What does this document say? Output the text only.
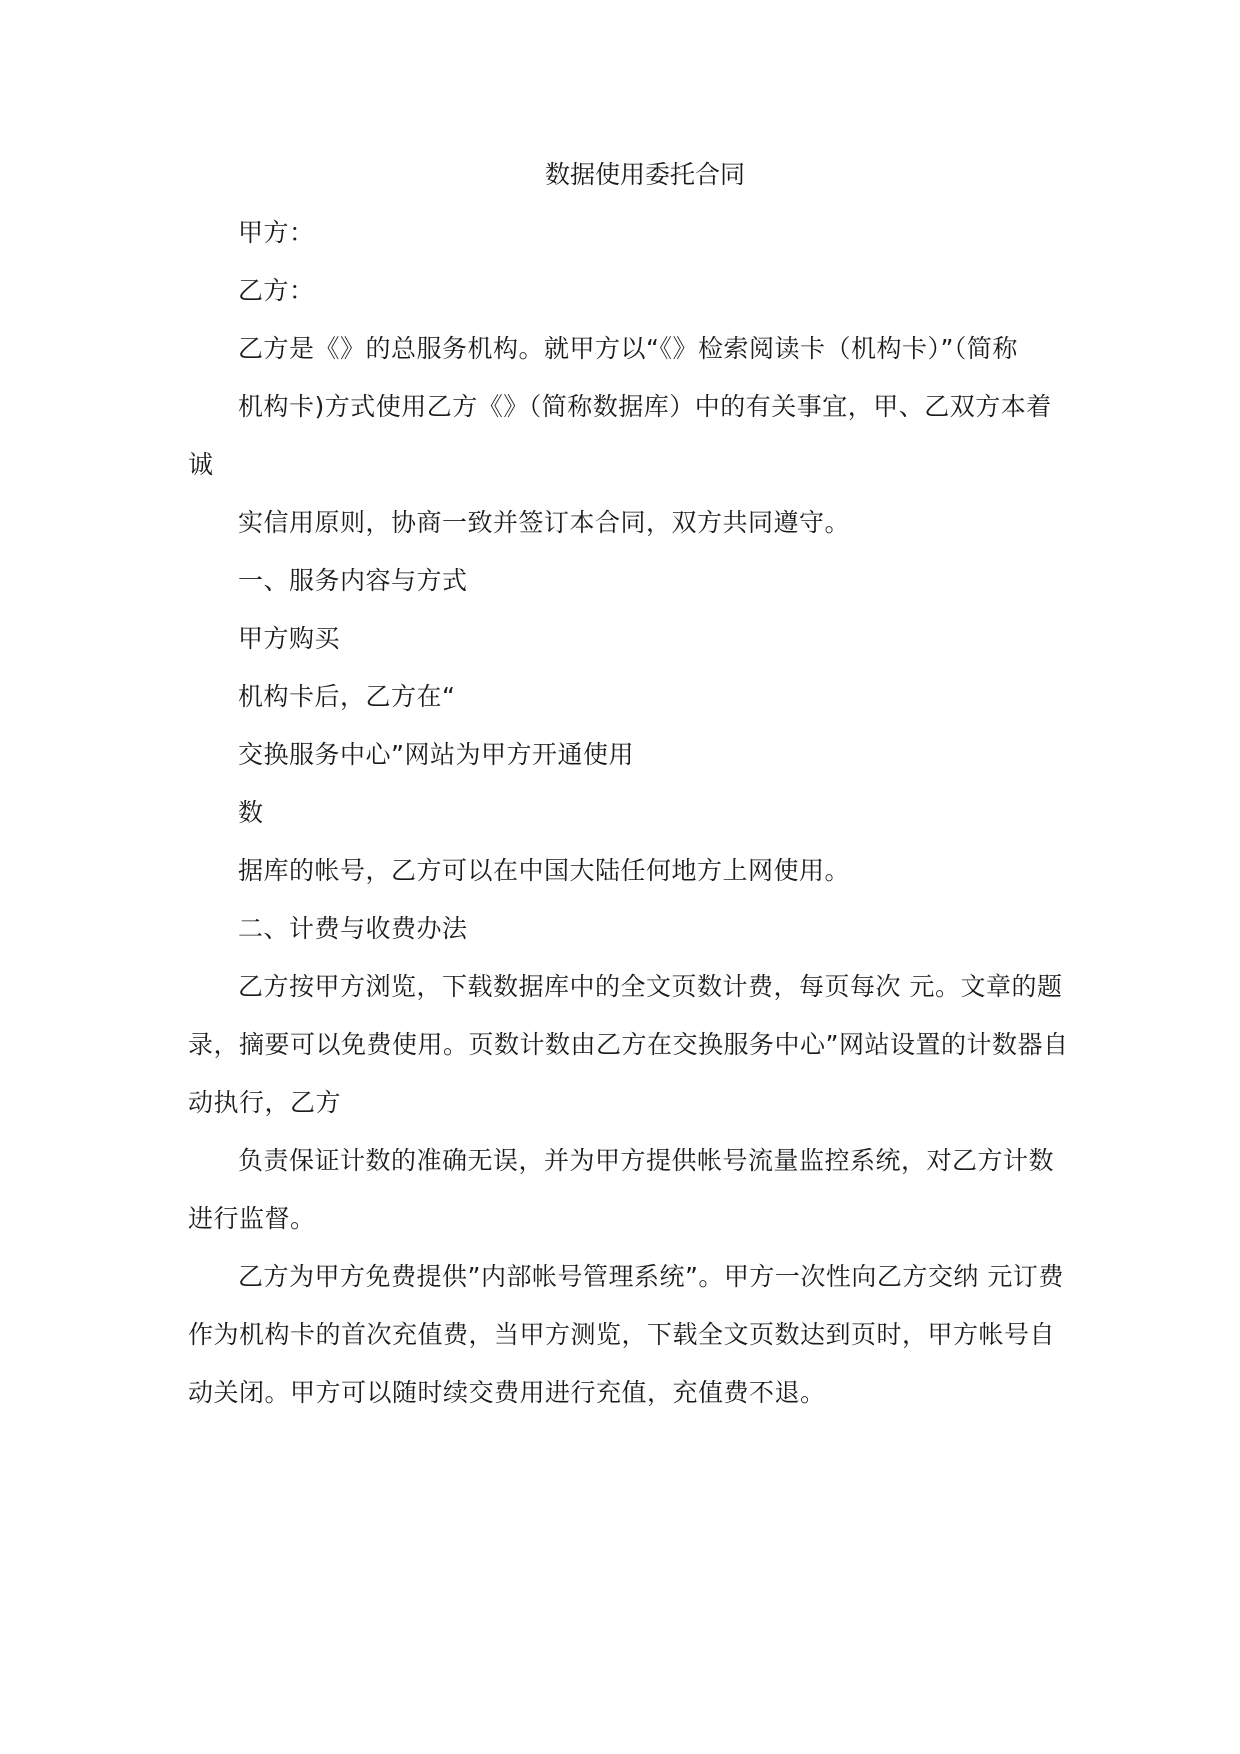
数据使用委托合同
甲方：
乙方：
乙方是《》的总服务机构。就甲方以“《》检索阅读卡（机构卡）”（简称
机构卡)方式使用乙方《》（简称数据库）中的有关事宜，甲、乙双方本着
诚
实信用原则，协商一致并签订本合同，双方共同遵守。
一、服务内容与方式
甲方购买
机构卡后，乙方在“
交换服务中心”网站为甲方开通使用
数
据库的帐号，乙方可以在中国大陆任何地方上网使用。
二、计费与收费办法
乙方按甲方浏览，下载数据库中的全文页数计费，每页每次 元。文章的题
录，摘要可以免费使用。页数计数由乙方在交换服务中心”网站设置的计数器自
动执行，乙方
负责保证计数的准确无误，并为甲方提供帐号流量监控系统，对乙方计数
进行监督。
乙方为甲方免费提供”内部帐号管理系统”。甲方一次性向乙方交纳 元订费
作为机构卡的首次充值费，当甲方测览，下载全文页数达到页时，甲方帐号自
动关闭。甲方可以随时续交费用进行充值，充值费不退。
